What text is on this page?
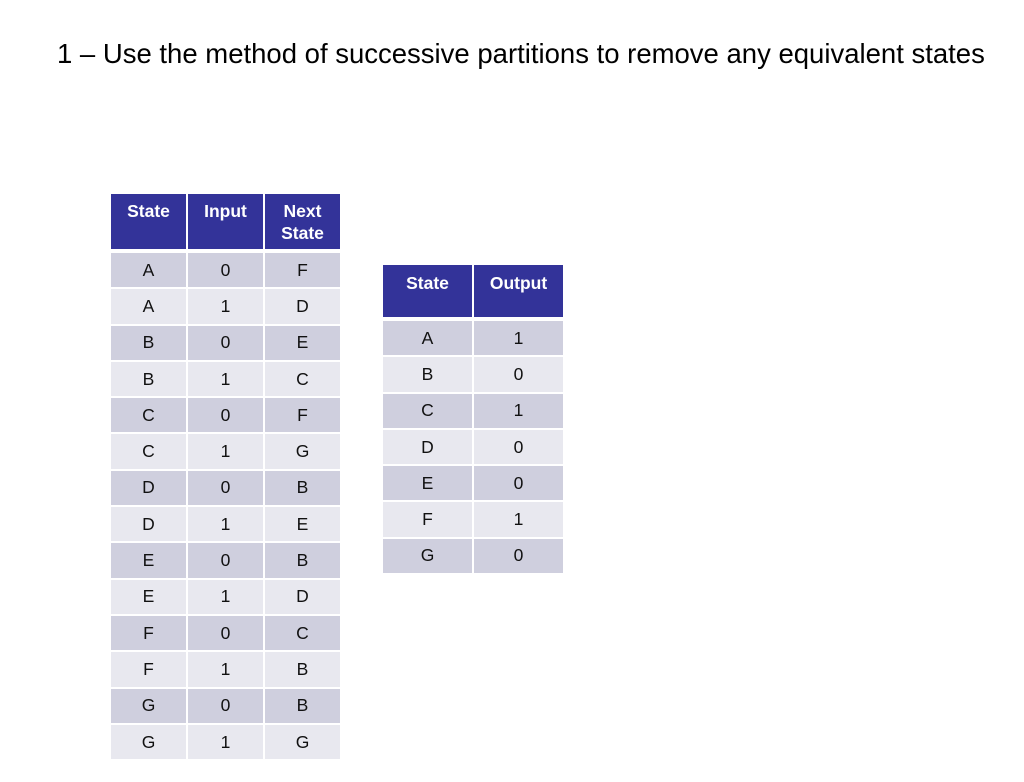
1 – Use the method of successive partitions to remove any equivalent states
State	Input	Next State
A	0	F
A	1	D
B	0	E
B	1	C
C	0	F
C	1	G
D	0	B
D	1	E
E	0	B
E	1	D
F	0	C
F	1	B
G	0	B
G	1	G
State	Output
A	1
B	0
C	1
D	0
E	0
F	1
G	0
